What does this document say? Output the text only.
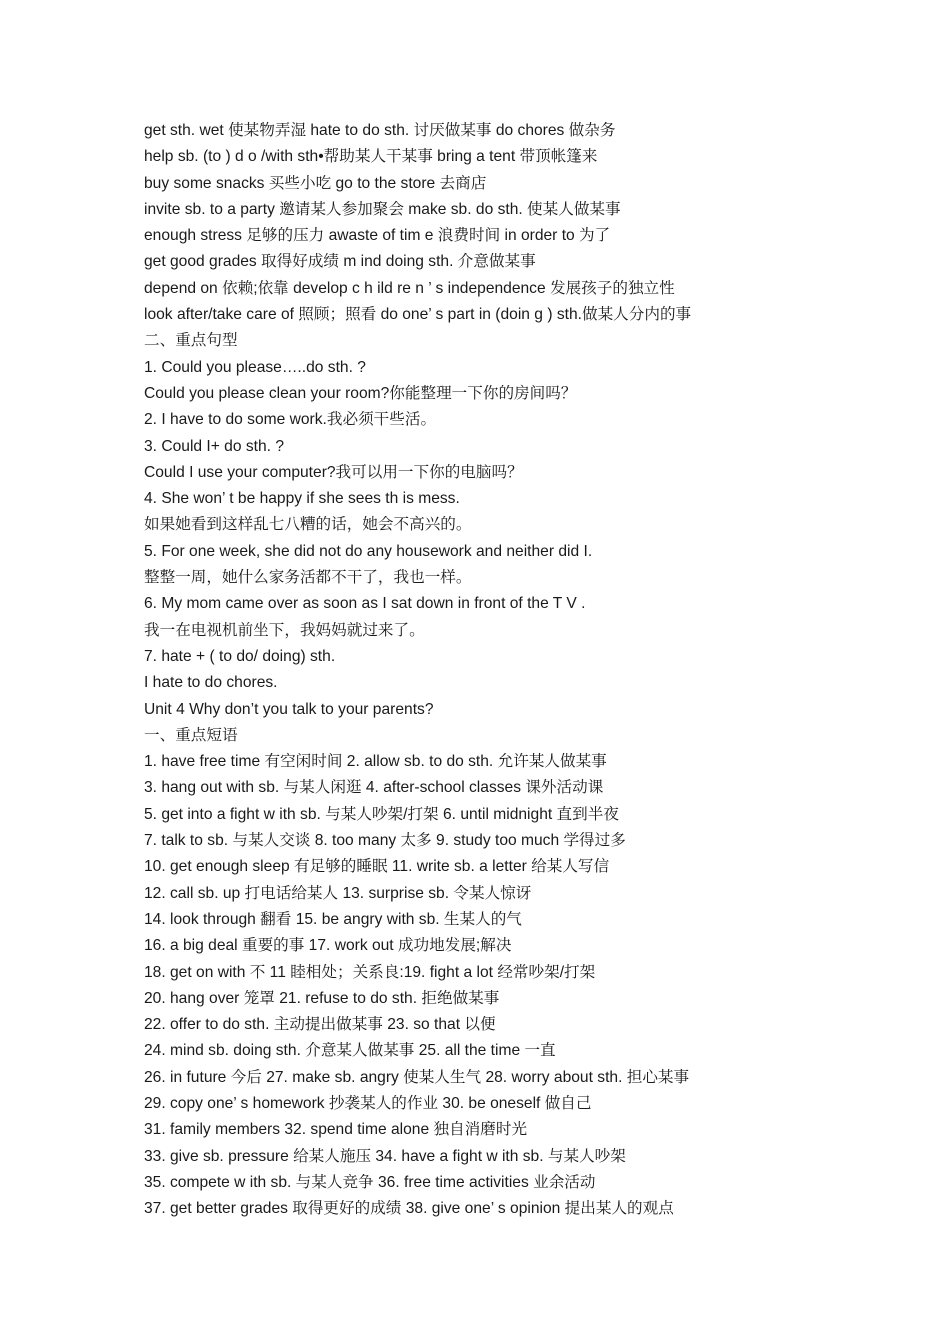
get sth. wet 使某物弄湿 hate to do sth. 讨厌做某事 do chores 做杂务
help sb. (to ) d o /with sth•帮助某人干某事 bring a tent 带顶帐篷来
buy some snacks 买些小吃 go to the store 去商店
invite sb. to a party 邀请某人参加聚会 make sb. do sth. 使某人做某事
enough stress 足够的压力 awaste of tim e 浪费时间 in order to 为了
get good grades 取得好成绩 m ind doing sth. 介意做某事
depend on 依赖;依靠 develop c h ild re n ’ s independence 发展孩子的独立性
look after/take care of 照顾；照看 do one’ s part in (doin g ) sth.做某人分内的事
二、重点句型
1. Could you please…..do sth. ?
Could you please clean your room?你能整理一下你的房间吗？
2. I have to do some work.我必须干些活。
3. Could I+ do sth. ?
Could I use your computer?我可以用一下你的电脑吗？
4. She won’ t be happy if she sees th is mess.
如果她看到这样乱七八糟的话，她会不高兴的。
5. For one week, she did not do any housework and neither did I.
整整一周，她什么家务活都不干了，我也一样。
6. My mom came over as soon as I sat down in front of the T V .
我一在电视机前坐下，我妈妈就过来了。
7. hate + ( to do/ doing) sth.
I hate to do chores.
Unit 4 Why don’t you talk to your parents?
一、重点短语
1. have free time 有空闲时间 2. allow sb. to do sth. 允许某人做某事
3. hang out with sb. 与某人闲逛 4. after-school classes 课外活动课
5. get into a fight w ith sb. 与某人吵架/打架 6. until midnight 直到半夜
7. talk to sb. 与某人交谈 8. too many 太多 9. study too much 学得过多
10. get enough sleep 有足够的睡眠 11. write sb. a letter 给某人写信
12. call sb. up 打电话给某人 13. surprise sb. 令某人惊讶
14. look through 翻看 15. be angry with sb. 生某人的气
16. a big deal 重要的事 17. work out 成功地发展;解决
18. get on with 不 11 睦相处；关系良:19. fight a lot 经常吵架/打架
20. hang over 笼罩 21. refuse to do sth. 拒绝做某事
22. offer to do sth. 主动提出做某事 23. so that 以便
24. mind sb. doing sth. 介意某人做某事 25. all the time 一直
26. in future 今后 27. make sb. angry 使某人生气 28. worry about sth. 担心某事
29. copy one’ s homework 抄袭某人的作业 30. be oneself 做自己
31. family members 32. spend time alone 独自消磨时光
33. give sb. pressure 给某人施压 34. have a fight w ith sb. 与某人吵架
35. compete w ith sb. 与某人竞争 36. free time activities 业余活动
37. get better grades 取得更好的成绩 38. give one’ s opinion 提出某人的观点
